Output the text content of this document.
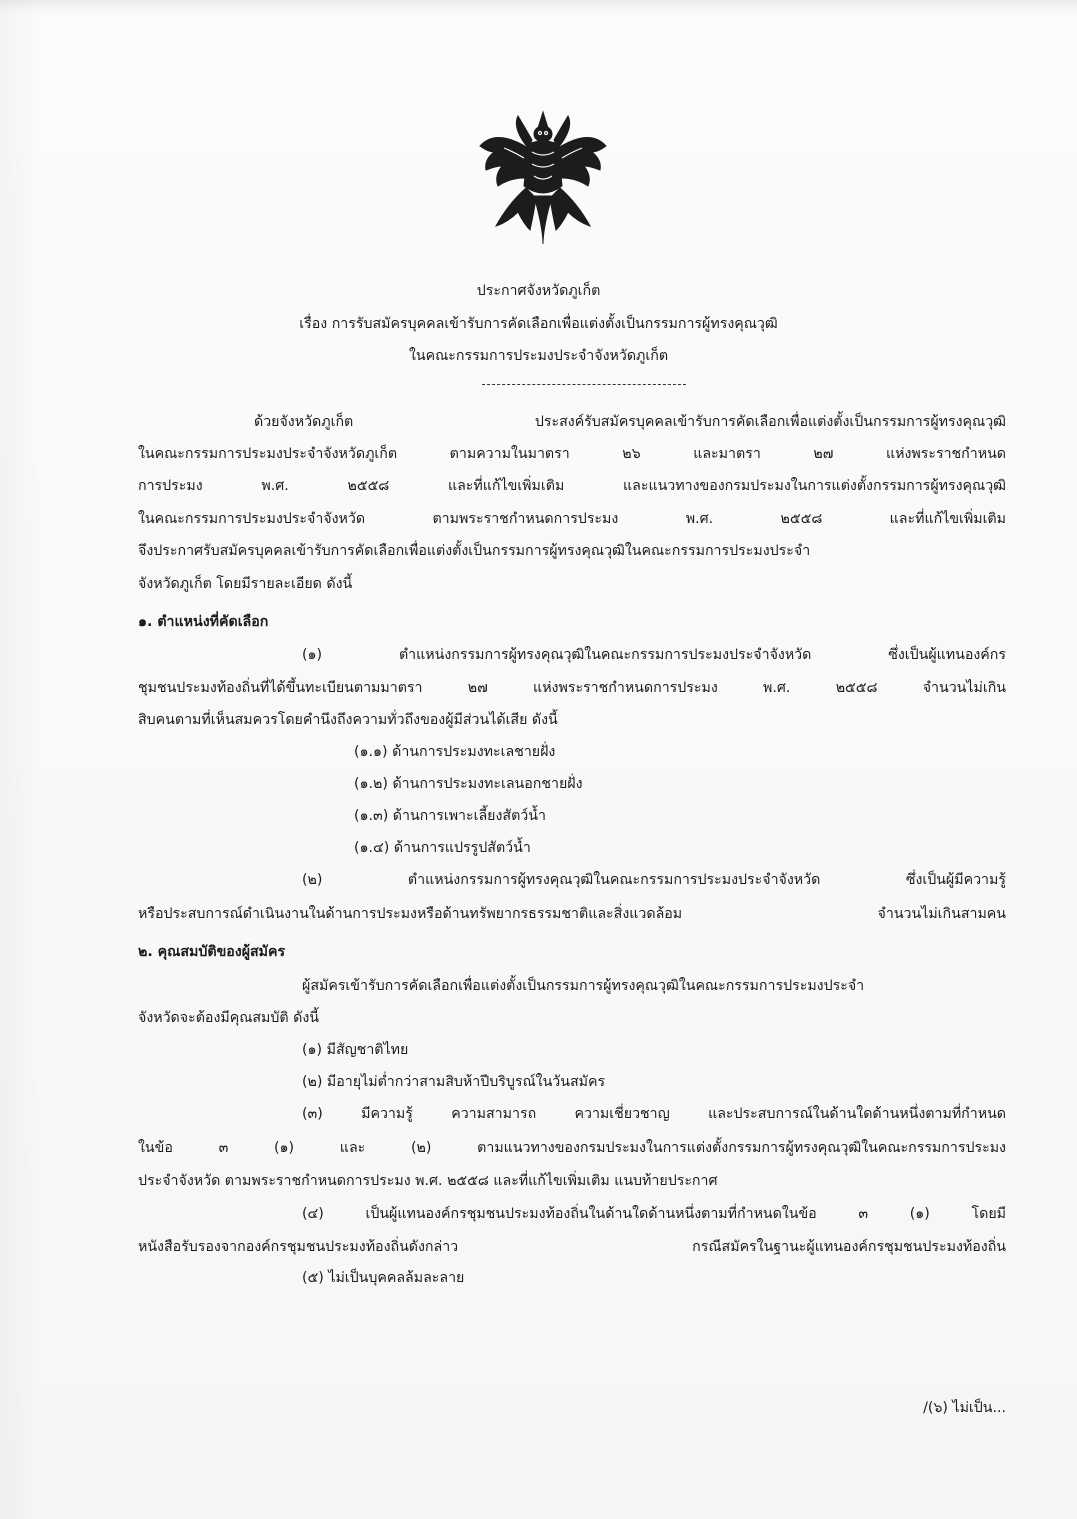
ประกาศจังหวัดภูเก็ต
เรื่อง การรับสมัครบุคคลเข้ารับการคัดเลือกเพื่อแต่งตั้งเป็นกรรมการผู้ทรงคุณวุฒิ
ในคณะกรรมการประมงประจำจังหวัดภูเก็ต
ด้วยจังหวัดภูเก็ต ประสงค์รับสมัครบุคคลเข้ารับการคัดเลือกเพื่อแต่งตั้งเป็นกรรมการผู้ทรงคุณวุฒิ
ในคณะกรรมการประมงประจำจังหวัดภูเก็ต ตามความในมาตรา ๒๖ และมาตรา ๒๗ แห่งพระราชกำหนด
การประมง พ.ศ. ๒๕๕๘ และที่แก้ไขเพิ่มเติม และแนวทางของกรมประมงในการแต่งตั้งกรรมการผู้ทรงคุณวุฒิ
ในคณะกรรมการประมงประจำจังหวัด ตามพระราชกำหนดการประมง พ.ศ. ๒๕๕๘ และที่แก้ไขเพิ่มเติม
จึงประกาศรับสมัครบุคคลเข้ารับการคัดเลือกเพื่อแต่งตั้งเป็นกรรมการผู้ทรงคุณวุฒิในคณะกรรมการประมงประจำ
จังหวัดภูเก็ต โดยมีรายละเอียด ดังนี้
๑. ตำแหน่งที่คัดเลือก
(๑) ตำแหน่งกรรมการผู้ทรงคุณวุฒิในคณะกรรมการประมงประจำจังหวัด ซึ่งเป็นผู้แทนองค์กร
ชุมชนประมงท้องถิ่นที่ได้ขึ้นทะเบียนตามมาตรา ๒๗ แห่งพระราชกำหนดการประมง พ.ศ. ๒๕๕๘ จำนวนไม่เกิน
สิบคนตามที่เห็นสมควรโดยคำนึงถึงความทั่วถึงของผู้มีส่วนได้เสีย ดังนี้
(๑.๑) ด้านการประมงทะเลชายฝั่ง
(๑.๒) ด้านการประมงทะเลนอกชายฝั่ง
(๑.๓) ด้านการเพาะเลี้ยงสัตว์น้ำ
(๑.๔) ด้านการแปรรูปสัตว์น้ำ
(๒) ตำแหน่งกรรมการผู้ทรงคุณวุฒิในคณะกรรมการประมงประจำจังหวัด ซึ่งเป็นผู้มีความรู้
หรือประสบการณ์ดำเนินงานในด้านการประมงหรือด้านทรัพยากรธรรมชาติและสิ่งแวดล้อม จำนวนไม่เกินสามคน
๒. คุณสมบัติของผู้สมัคร
ผู้สมัครเข้ารับการคัดเลือกเพื่อแต่งตั้งเป็นกรรมการผู้ทรงคุณวุฒิในคณะกรรมการประมงประจำ
จังหวัดจะต้องมีคุณสมบัติ ดังนี้
(๑) มีสัญชาติไทย
(๒) มีอายุไม่ต่ำกว่าสามสิบห้าปีบริบูรณ์ในวันสมัคร
(๓) มีความรู้ ความสามารถ ความเชี่ยวชาญ และประสบการณ์ในด้านใดด้านหนึ่งตามที่กำหนด
ในข้อ ๓ (๑) และ (๒) ตามแนวทางของกรมประมงในการแต่งตั้งกรรมการผู้ทรงคุณวุฒิในคณะกรรมการประมง
ประจำจังหวัด ตามพระราชกำหนดการประมง พ.ศ. ๒๕๕๘ และที่แก้ไขเพิ่มเติม แนบท้ายประกาศ
(๔) เป็นผู้แทนองค์กรชุมชนประมงท้องถิ่นในด้านใดด้านหนึ่งตามที่กำหนดในข้อ ๓ (๑) โดยมี
หนังสือรับรองจากองค์กรชุมชนประมงท้องถิ่นดังกล่าว กรณีสมัครในฐานะผู้แทนองค์กรชุมชนประมงท้องถิ่น
(๕) ไม่เป็นบุคคลล้มละลาย
/(๖) ไม่เป็น...
